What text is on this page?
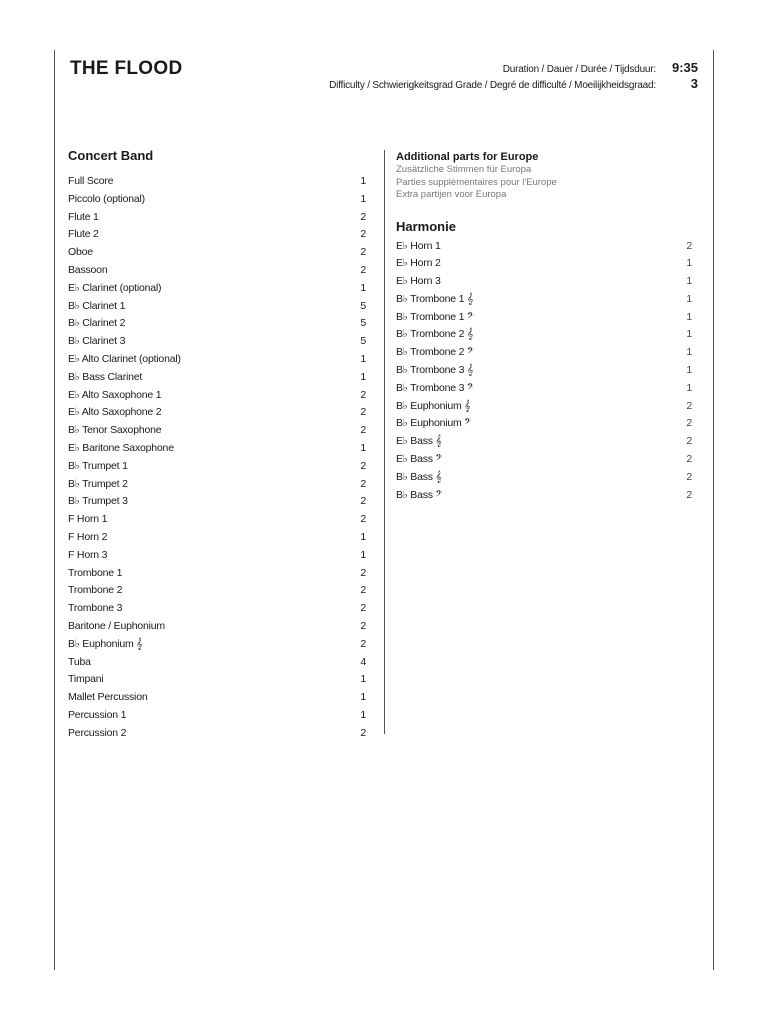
THE FLOOD	Duration / Dauer / Durée / Tijdsduur:	9:35
Difficulty / Schwierigkeitsgrad Grade / Degré de difficulté / Moeilijkheidsgraad:	3
Concert Band
Full Score	1
Piccolo (optional)	1
Flute 1	2
Flute 2	2
Oboe	2
Bassoon	2
E♭ Clarinet (optional)	1
B♭ Clarinet 1	5
B♭ Clarinet 2	5
B♭ Clarinet 3	5
E♭ Alto Clarinet (optional)	1
B♭ Bass Clarinet	1
E♭ Alto Saxophone 1	2
E♭ Alto Saxophone 2	2
B♭ Tenor Saxophone	2
E♭ Baritone Saxophone	1
B♭ Trumpet 1	2
B♭ Trumpet 2	2
B♭ Trumpet 3	2
F Horn 1	2
F Horn 2	1
F Horn 3	1
Trombone 1	2
Trombone 2	2
Trombone 3	2
Baritone / Euphonium	2
B♭ Euphonium 𝄞	2
Tuba	4
Timpani	1
Mallet Percussion	1
Percussion 1	1
Percussion 2	2
Additional parts for Europe
Zusätzliche Stimmen für Europa
Parties supplémentaires pour l'Europe
Extra partijen voor Europa
Harmonie
E♭ Horn 1	2
E♭ Horn 2	1
E♭ Horn 3	1
B♭ Trombone 1 𝄞	1
B♭ Trombone 1 𝄢	1
B♭ Trombone 2 𝄞	1
B♭ Trombone 2 𝄢	1
B♭ Trombone 3 𝄞	1
B♭ Trombone 3 𝄢	1
B♭ Euphonium 𝄞	2
B♭ Euphonium 𝄢	2
E♭ Bass 𝄞	2
E♭ Bass 𝄢	2
B♭ Bass 𝄞	2
B♭ Bass 𝄢	2
